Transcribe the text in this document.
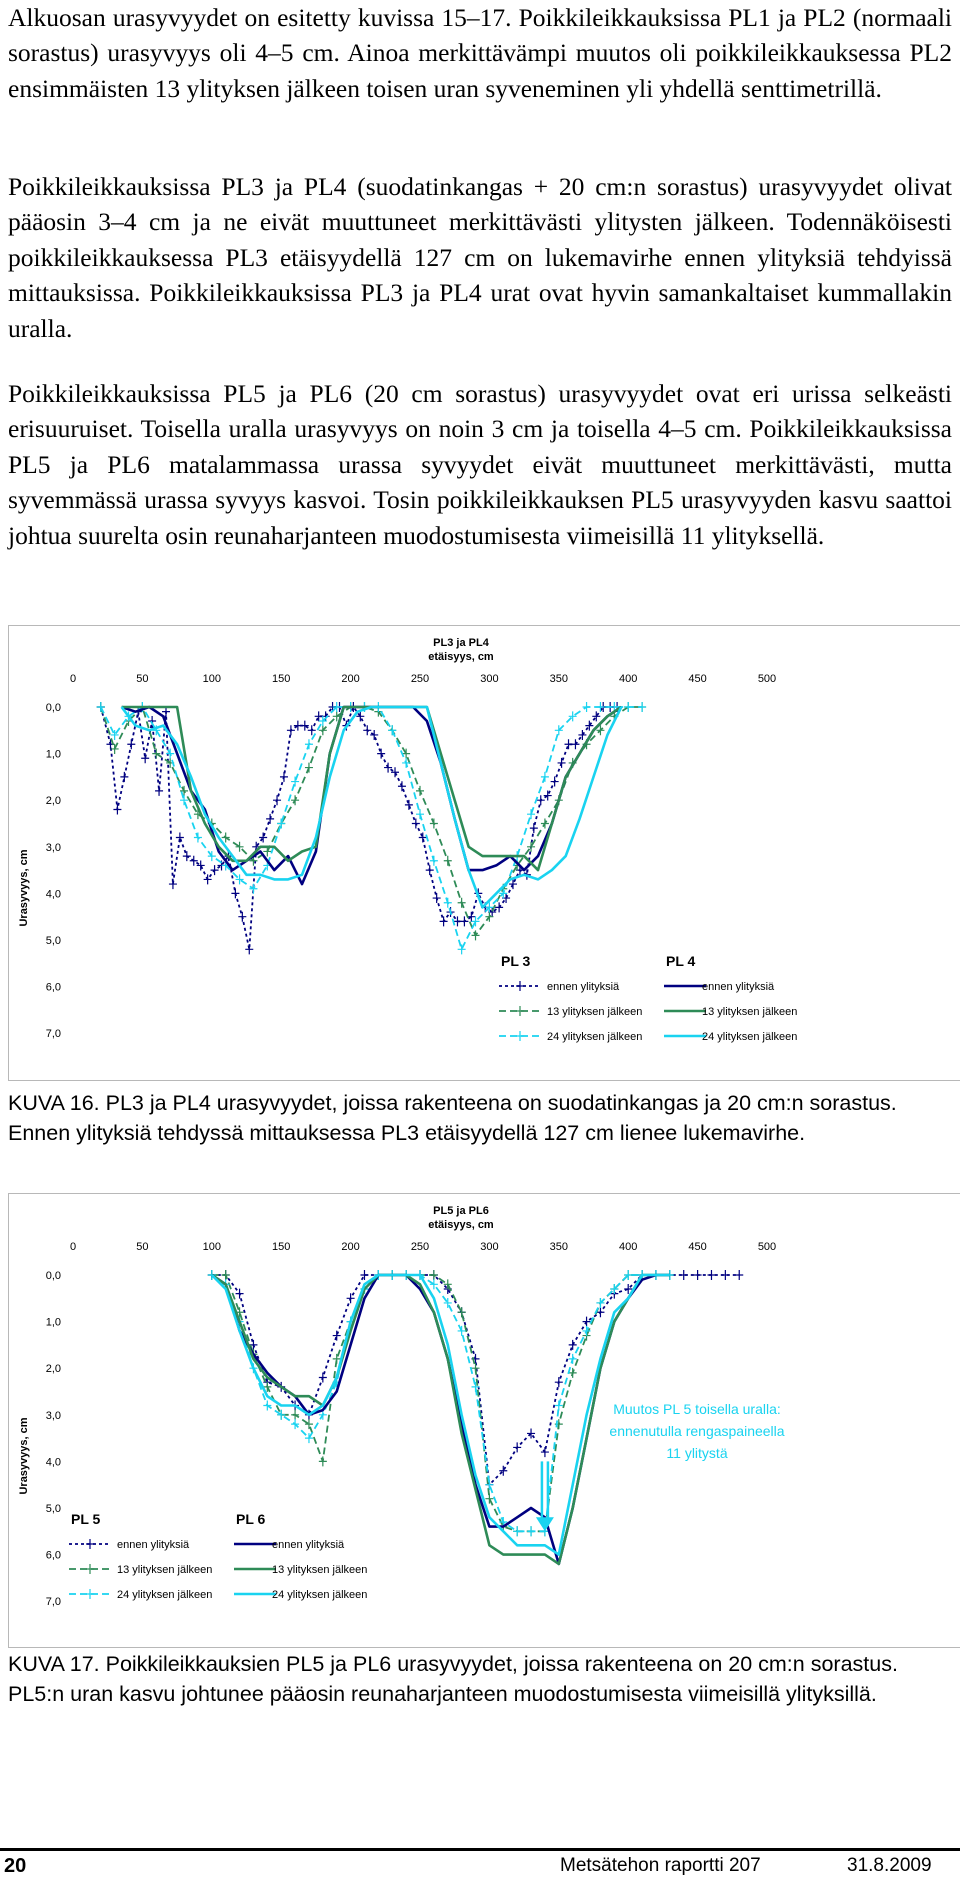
Alkuosan urasyvyydet on esitetty kuvissa 15–17. Poikkileikkauksissa PL1 ja PL2 (normaali sorastus) urasyvyys oli 4–5 cm. Ainoa merkittävämpi muutos oli poikkileikkauksessa PL2 ensimmäisten 13 ylityksen jälkeen toisen uran syveneminen yli yhdellä senttimetrillä.

Poikkileikkauksissa PL3 ja PL4 (suodatinkangas + 20 cm:n sorastus) urasyvyydet olivat pääosin 3–4 cm ja ne eivät muuttuneet merkittävästi ylitysten jälkeen. Todennäköisesti poikkileikkauksessa PL3 etäisyydellä 127 cm on lukemavirhe ennen ylityksiä tehdyissä mittauksissa. Poikkileikkauksissa PL3 ja PL4 urat ovat hyvin samankaltaiset kummallakin uralla.

Poikkileikkauksissa PL5 ja PL6 (20 cm sorastus) urasyvyydet ovat eri urissa selkeästi erisuuruiset. Toisella uralla urasyvyys on noin 3 cm ja toisella 4–5 cm. Poikkileikkauksissa PL5 ja PL6 matalammassa urassa syvyydet eivät muuttuneet merkittävästi, mutta syvemmässä urassa syvyys kasvoi. Tosin poikkileikkauksen PL5 urasyvyyden kasvu saattoi johtua suurelta osin reunaharjanteen muodostumisesta viimeisillä 11 ylityksellä.

PL3 ja PL4
etäisyys, cm
Urasyvyys, cm
0	50	100	150	200	250	300	350	400	450	500
0,0
1,0
2,0
3,0
4,0
5,0
6,0
7,0
PL 3	PL 4
ennen ylityksiä
13 ylityksen jälkeen
24 ylityksen jälkeen
ennen ylityksiä
13 ylityksen jälkeen
24 ylityksen jälkeen

KUVA 16. PL3 ja PL4 urasyvyydet, joissa rakenteena on suodatinkangas ja 20 cm:n sorastus. Ennen ylityksiä tehdyssä mittauksessa PL3 etäisyydellä 127 cm lienee lukemavirhe.

PL5 ja PL6
etäisyys, cm
Urasyvyys, cm
0	50	100	150	200	250	300	350	400	450	500
0,0
1,0
2,0
3,0
4,0
5,0
6,0
7,0
Muutos PL 5 toisella uralla:
ennenutulla rengaspaineella
11 ylitystä
PL 5	PL 6
ennen ylityksiä
13 ylityksen jälkeen
24 ylityksen jälkeen
ennen ylityksiä
13 ylityksen jälkeen
24 ylityksen jälkeen

KUVA 17. Poikkileikkauksien PL5 ja PL6 urasyvyydet, joissa rakenteena on 20 cm:n sorastus. PL5:n uran kasvu johtunee pääosin reunaharjanteen muodostumisesta viimeisillä ylityksillä.

20	Metsätehon raportti 207	31.8.2009
